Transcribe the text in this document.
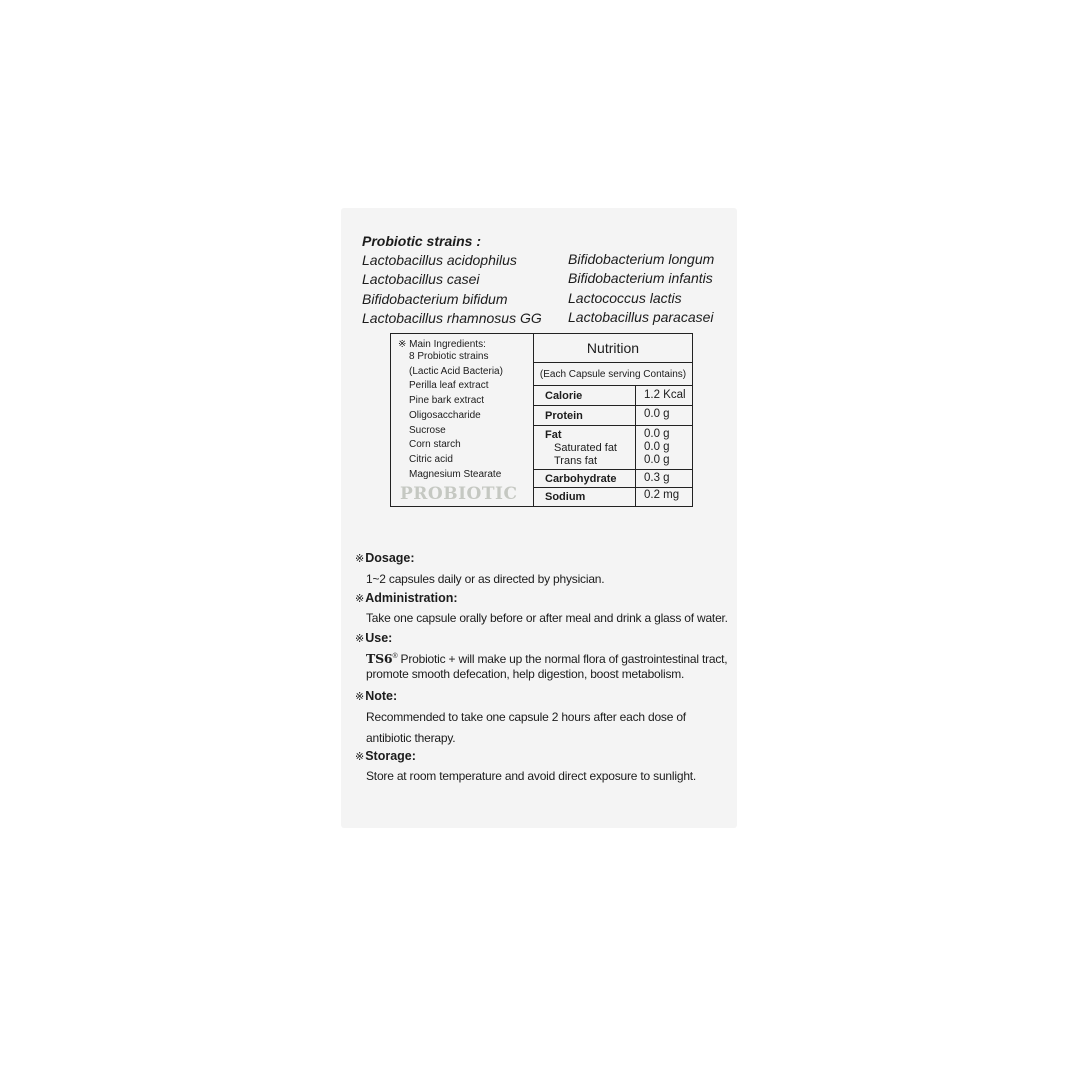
Probiotic strains :
Lactobacillus acidophilus
Lactobacillus casei
Bifidobacterium bifidum
Lactobacillus rhamnosus GG
Bifidobacterium longum
Bifidobacterium infantis
Lactococcus lactis
Lactobacillus paracasei
※ Main Ingredients:
8 Probiotic strains
(Lactic Acid Bacteria)
Perilla leaf extract
Pine bark extract
Oligosaccharide
Sucrose
Corn starch
Citric acid
Magnesium Stearate
PROBIOTIC
Nutrition
(Each Capsule serving Contains)
Calorie	1.2 Kcal
Protein	0.0 g
Fat	0.0 g
Saturated fat 0.0 g
Trans fat	0.0 g
Carbohydrate 0.3 g
Sodium	0.2 mg
※Dosage:
1~2 capsules daily or as directed by physician.
※Administration:
Take one capsule orally before or after meal and drink a glass of water.
※Use:
TS6® Probiotic + will make up the normal flora of gastrointestinal tract,
promote smooth defecation, help digestion, boost metabolism.
※Note:
Recommended to take one capsule 2 hours after each dose of
antibiotic therapy.
※Storage:
Store at room temperature and avoid direct exposure to sunlight.
